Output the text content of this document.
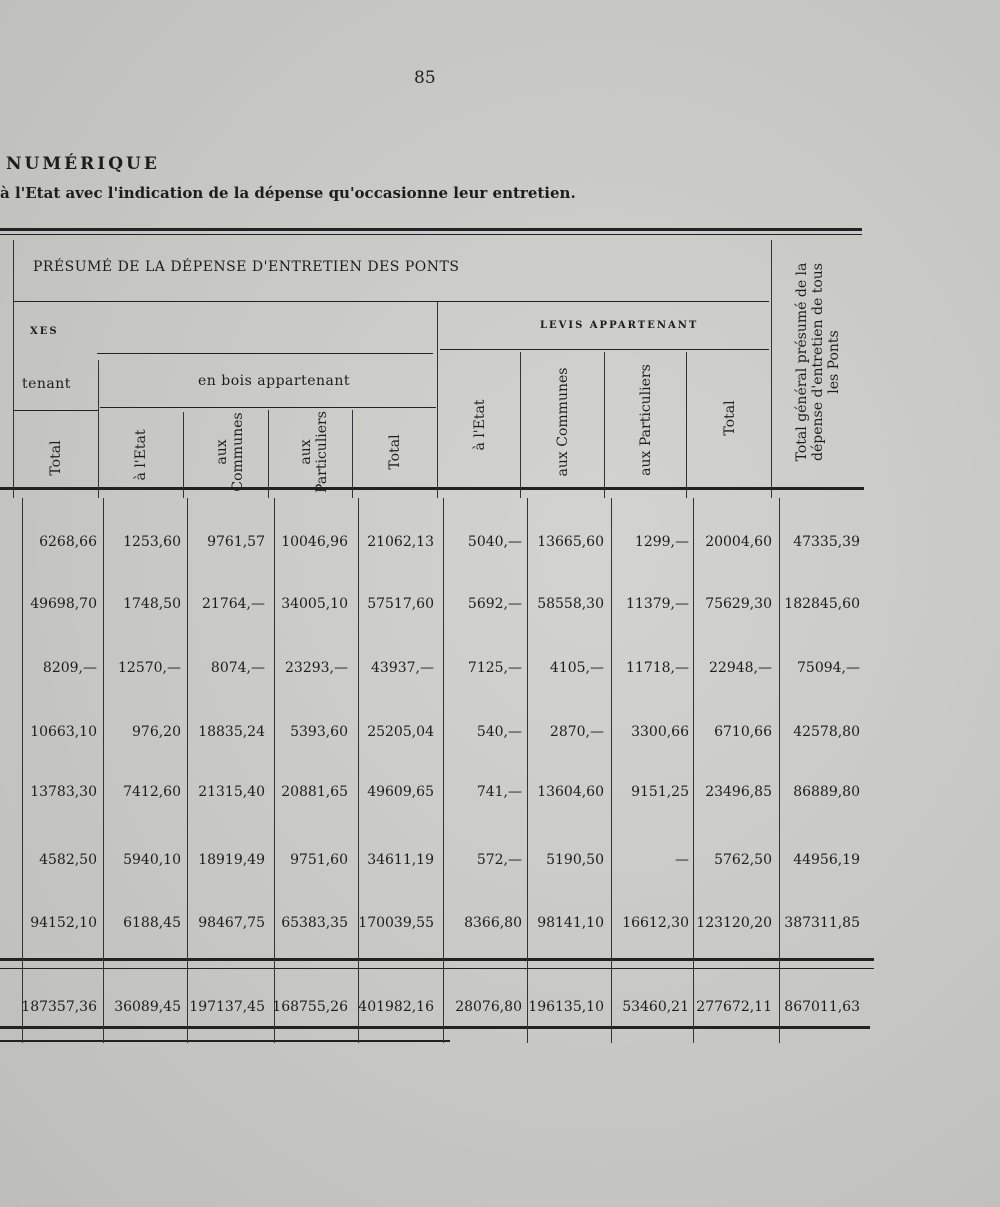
85
NUMÉRIQUE
à l'Etat avec l'indication de la dépense qu'occasionne leur entretien.
PRÉSUMÉ DE LA DÉPENSE D'ENTRETIEN DES PONTS
XES
LEVIS APPARTENANT
tenant	en bois appartenant	Total général présumé de la dépense d'entretien de tous les Ponts
Total	à l'Etat	aux Communes	aux Particuliers	Total
à l'Etat	aux Communes	aux Particuliers	Total
6268,66	1253,60	9761,57	10046,96	21062,13	5040,—	13665,60	1299,—	20004,60	47335,39
49698,70	1748,50	21764,—	34005,10	57517,60	5692,—	58558,30	11379,—	75629,30 182845,60
8209,—	12570,—	8074,—	23293,—	43937,—	7125,—	4105,—	11718,—	22948,—	75094,—
10663,10	976,20	18835,24	5393,60	25205,04	540,—	2870,—	3300,66	6710,66	42578,80
13783,30	7412,60	21315,40	20881,65	49609,65	741,—	13604,60	9151,25	23496,85	86889,80
4582,50	5940,10	18919,49	9751,60	34611,19	572,—	5190,50	—	5762,50	44956,19
94152,10	6188,45	98467,75	65383,35 170039,55	8366,80	98141,10	16612,30 123120,20 387311,85
187357,36	36089,45 197137,45 168755,26 401982,16	28076,80 196135,10	53460,21 277672,11 867011,63
